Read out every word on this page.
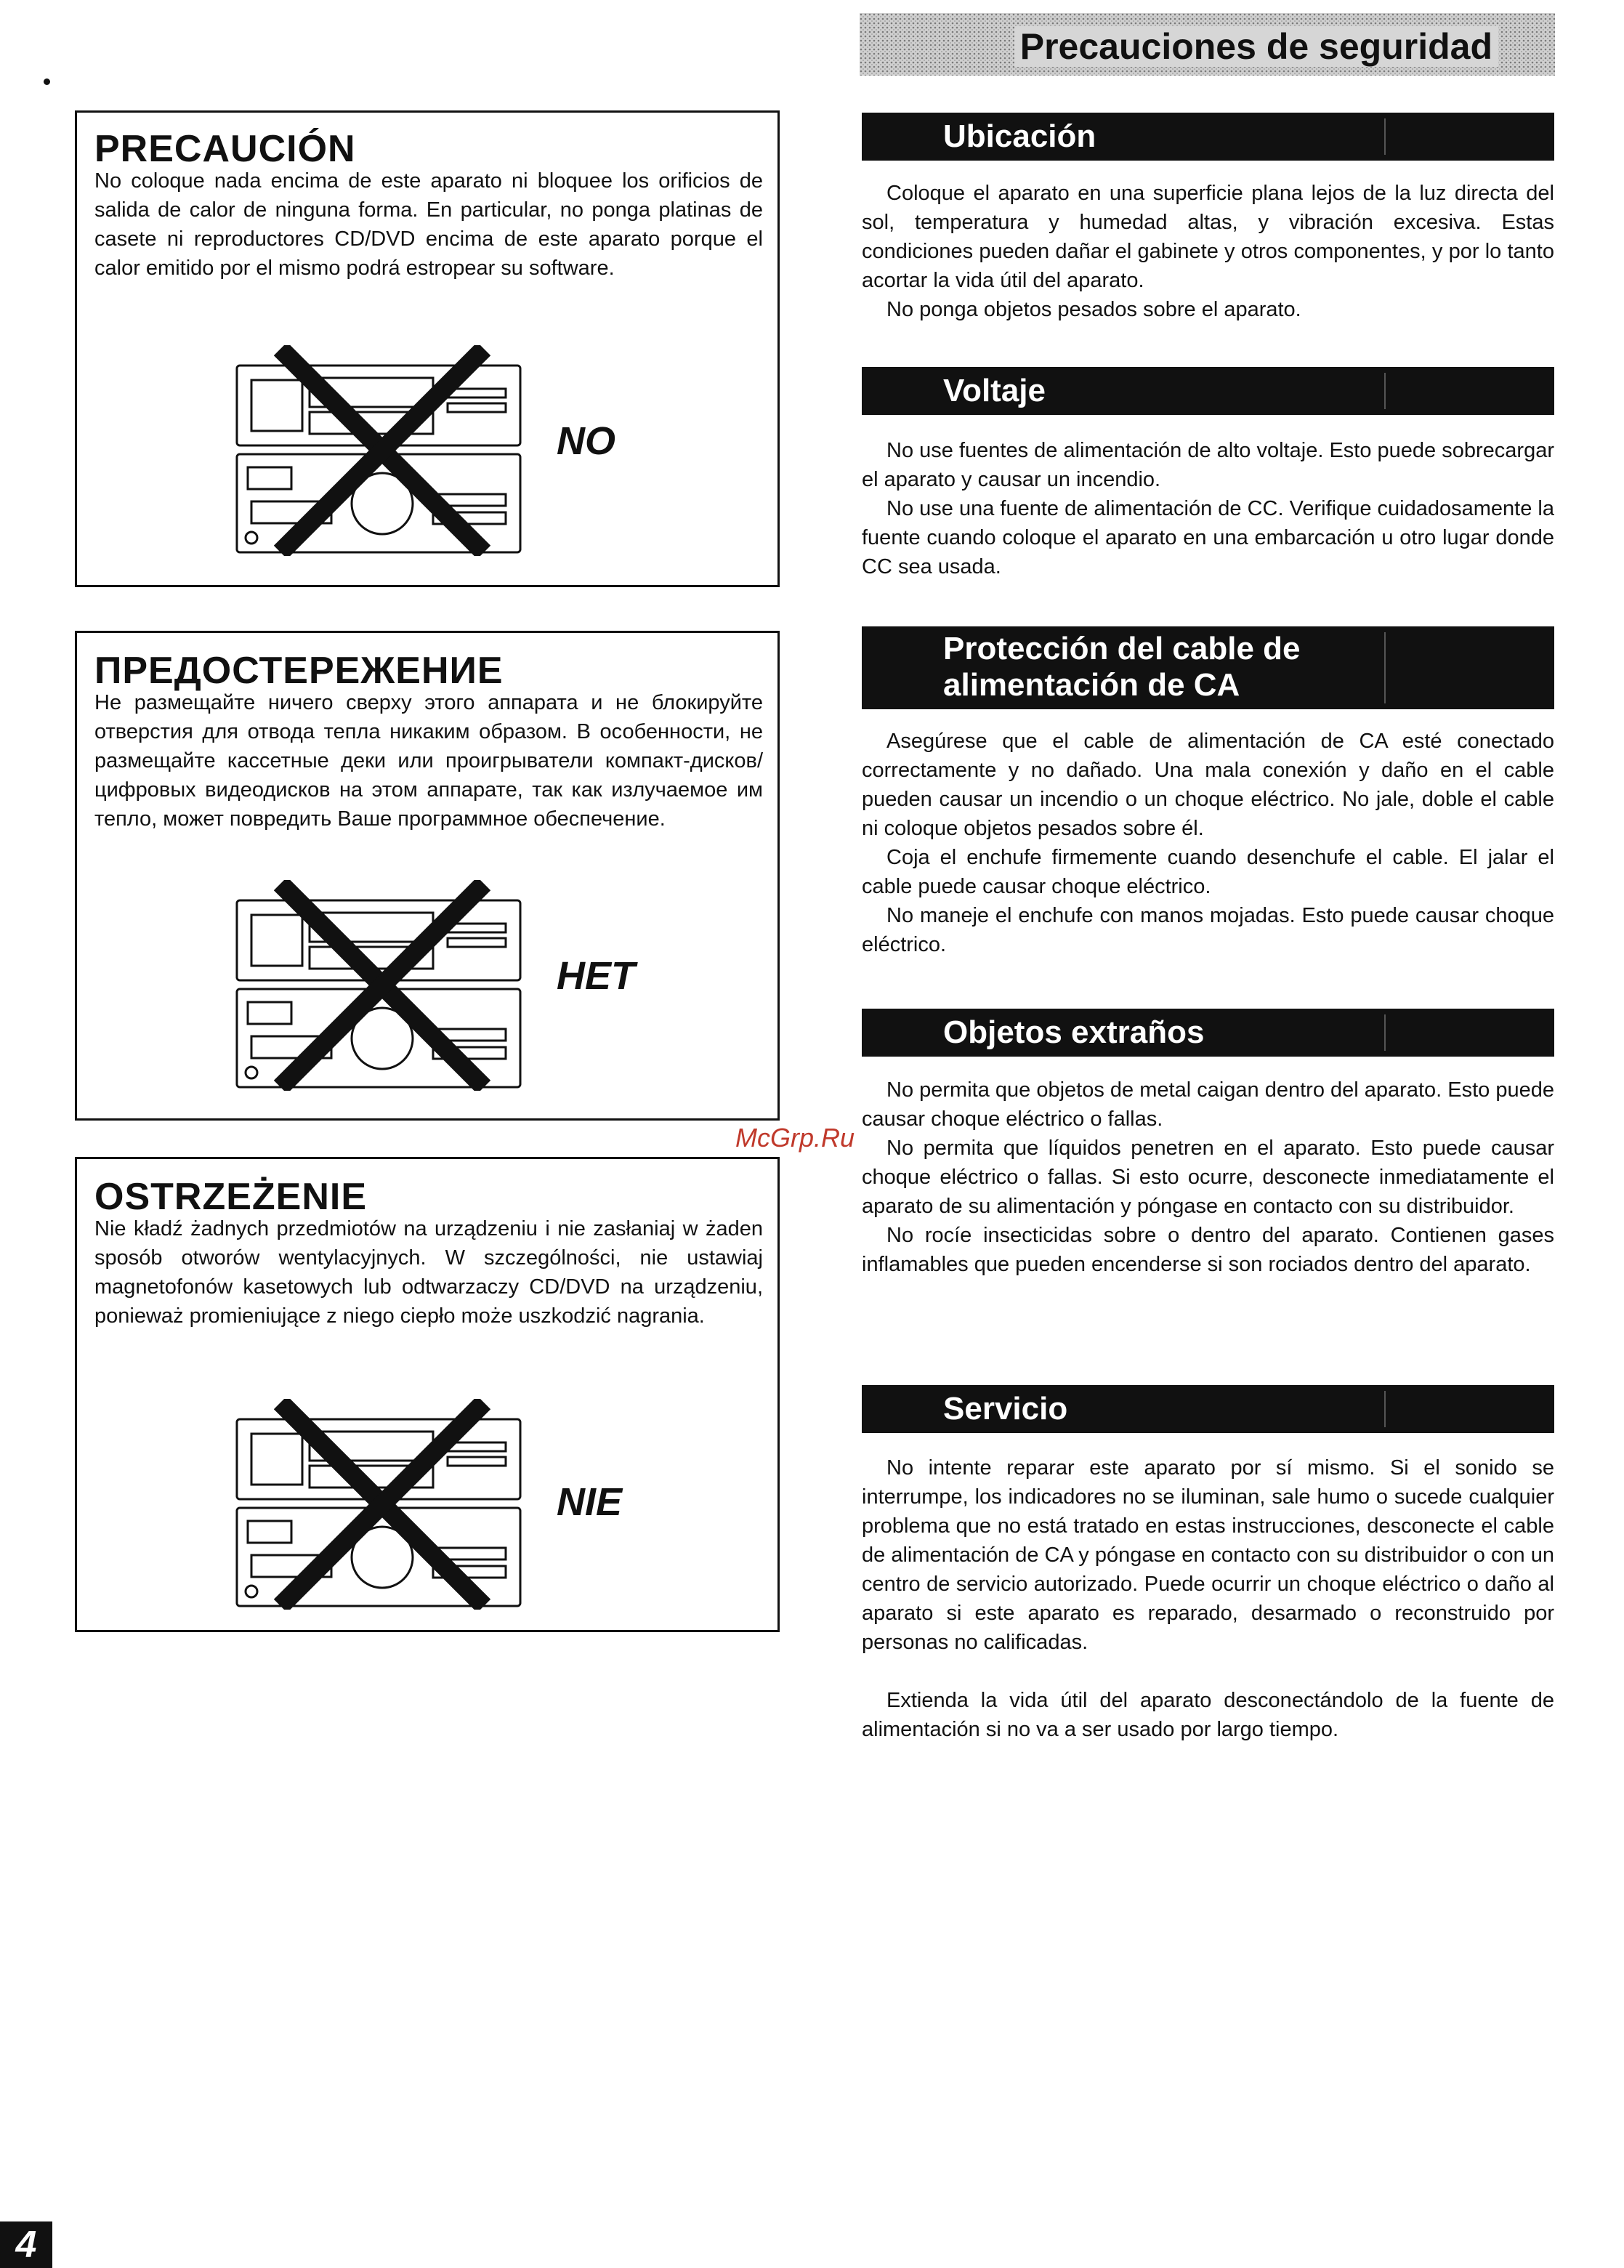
PRECAUCIÓN
No coloque nada encima de este aparato ni bloquee los orificios de salida de calor de ninguna forma. En particular, no ponga platinas de casete ni reproductores CD/DVD encima de este aparato porque el calor emitido por el mismo podrá estropear su software.
NO
ПРЕДОСТЕРЕЖЕНИЕ
Не размещайте ничего сверху этого аппарата и не блокируйте отверстия для отвода тепла никаким образом. В особенности, не размещайте кассетные деки или проигрыватели компакт-дисков/цифровых видеодисков на этом аппарате, так как излучаемое им тепло, может повредить Ваше программное обеспечение.
НЕТ
OSTRZEŻENIE
Nie kładź żadnych przedmiotów na urządzeniu i nie zasłaniaj w żaden sposób otworów wentylacyjnych. W szczególności, nie ustawiaj magnetofonów kasetowych lub odtwarzaczy CD/DVD na urządzeniu, ponieważ promieniujące z niego ciepło może uszkodzić nagrania.
NIE
Precauciones de seguridad
Ubicación

Coloque el aparato en una superficie plana lejos de la luz directa del sol, temperatura y humedad altas, y vibración excesiva. Estas condiciones pueden dañar el gabinete y otros componentes, y por lo tanto acortar la vida útil del aparato.

No ponga objetos pesados sobre el aparato.

Voltaje

No use fuentes de alimentación de alto voltaje. Esto puede sobrecargar el aparato y causar un incendio.

No use una fuente de alimentación de CC. Verifique cuidadosamente la fuente cuando coloque el aparato en una embarcación u otro lugar donde CC sea usada.

Protección del cable de
alimentación de CA

Asegúrese que el cable de alimentación de CA esté conectado correctamente y no dañado. Una mala conexión y daño en el cable pueden causar un incendio o un choque eléctrico. No jale, doble el cable ni coloque objetos pesados sobre él.

Coja el enchufe firmemente cuando desenchufe el cable. El jalar el cable puede causar choque eléctrico.

No maneje el enchufe con manos mojadas. Esto puede causar choque eléctrico.

Objetos extraños

No permita que objetos de metal caigan dentro del aparato. Esto puede causar choque eléctrico o fallas.

No permita que líquidos penetren en el aparato. Esto puede causar choque eléctrico o fallas. Si esto ocurre, desconecte inmediatamente el aparato de su alimentación y póngase en contacto con su distribuidor.

No rocíe insecticidas sobre o dentro del aparato. Contienen gases inflamables que pueden encenderse si son rociados dentro del aparato.

Servicio

No intente reparar este aparato por sí mismo. Si el sonido se interrumpe, los indicadores no se iluminan, sale humo o sucede cualquier problema que no está tratado en estas instrucciones, desconecte el cable de alimentación de CA y póngase en contacto con su distribuidor o con un centro de servicio autorizado. Puede ocurrir un choque eléctrico o daño al aparato si este aparato es reparado, desarmado o reconstruido por personas no calificadas.

Extienda la vida útil del aparato desconectándolo de la fuente de alimentación si no va a ser usado por largo tiempo.

McGrp.Ru
4
